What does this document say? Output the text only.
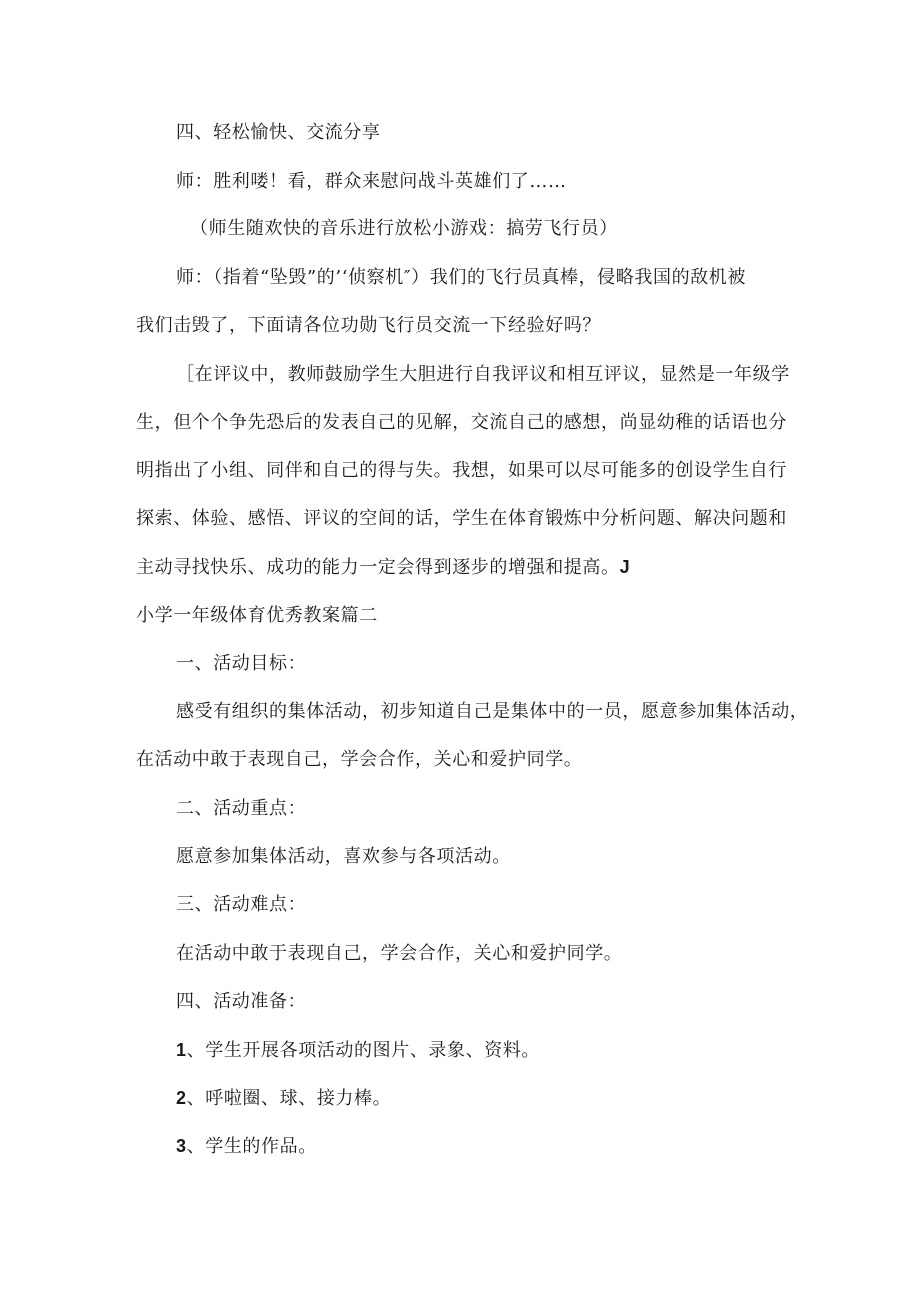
四、轻松愉快、交流分享
师：胜利喽！看，群众来慰问战斗英雄们了……
（师生随欢快的音乐进行放松小游戏：搞劳飞行员）
师：（指着“坠毁”的’‘侦察机″）我们的飞行员真棒，侵略我国的敌机被
我们击毁了，下面请各位功勋飞行员交流一下经验好吗？
［在评议中，教师鼓励学生大胆进行自我评议和相互评议，显然是一年级学
生，但个个争先恐后的发表自己的见解，交流自己的感想，尚显幼稚的话语也分
明指出了小组、同伴和自己的得与失。我想，如果可以尽可能多的创设学生自行
探索、体验、感悟、评议的空间的话，学生在体育锻炼中分析问题、解决问题和
主动寻找快乐、成功的能力一定会得到逐步的增强和提高。J
小学一年级体育优秀教案篇二
一、活动目标：
感受有组织的集体活动，初步知道自己是集体中的一员，愿意参加集体活动，
在活动中敢于表现自己，学会合作，关心和爱护同学。
二、活动重点：
愿意参加集体活动，喜欢参与各项活动。
三、活动难点：
在活动中敢于表现自己，学会合作，关心和爱护同学。
四、活动准备：
1、学生开展各项活动的图片、录象、资料。
2、呼啦圈、球、接力棒。
3、学生的作品。
